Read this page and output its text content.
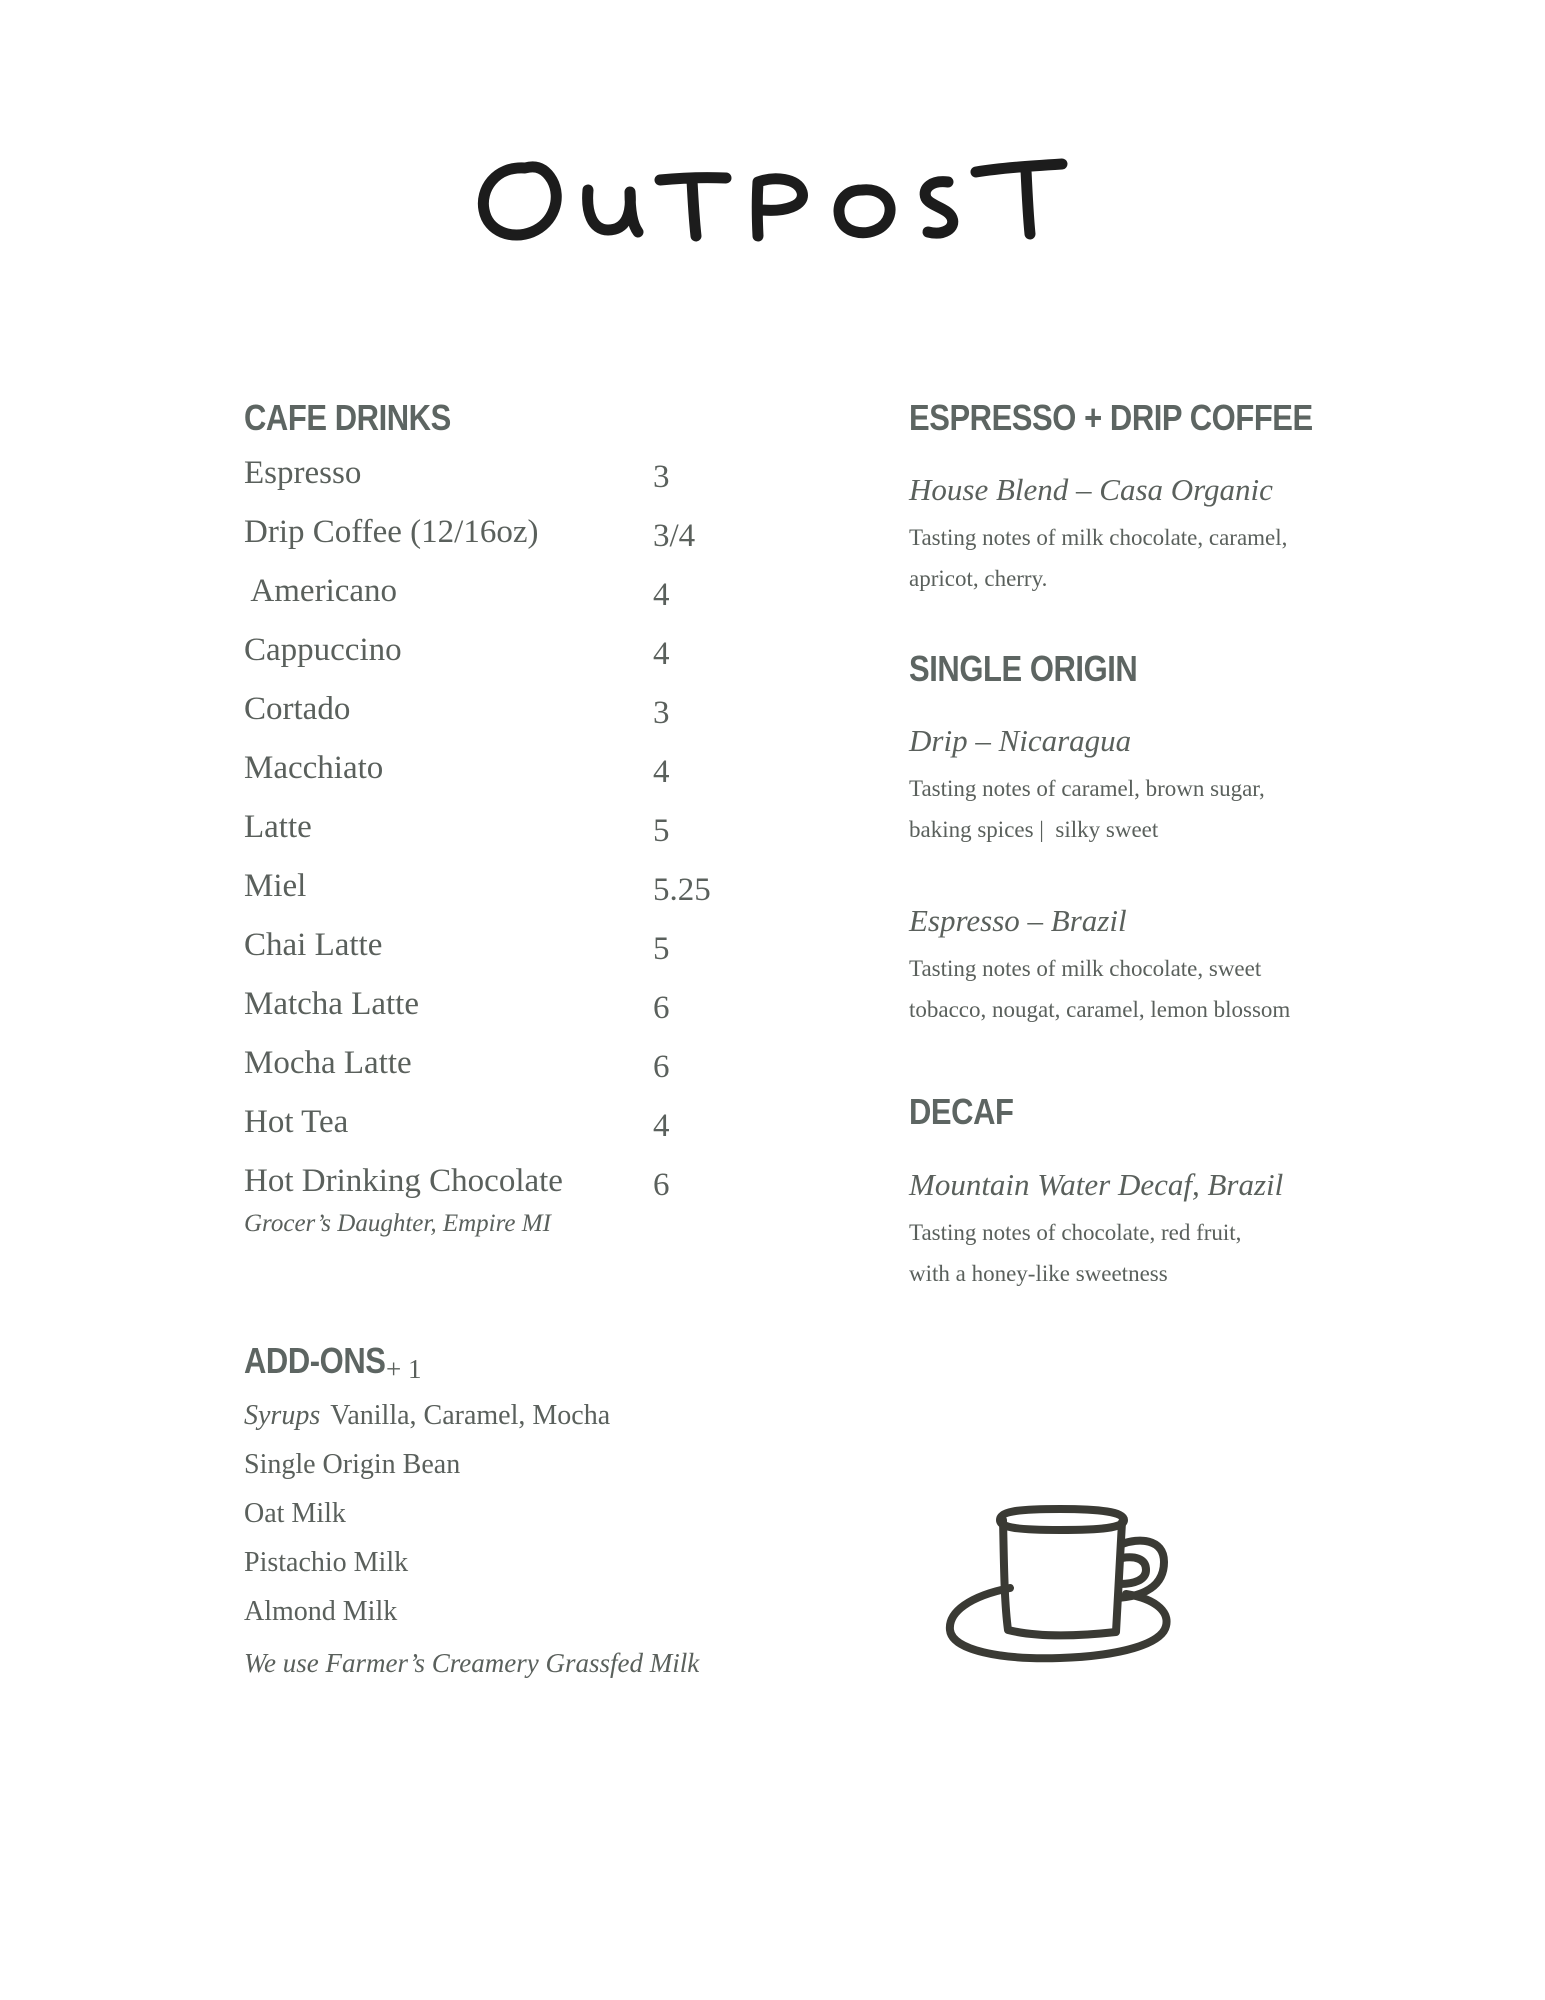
CAFE DRINKS
Espresso	3
Drip Coffee (12/16oz)	3/4
Americano	4
Cappuccino	4
Cortado	3
Macchiato	4
Latte	5
Miel	5.25
Chai Latte	5
Matcha Latte	6
Mocha Latte	6
Hot Tea	4
Hot Drinking Chocolate	6
Grocer’s Daughter, Empire MI
ADD-ONS + 1
Syrups Vanilla, Caramel, Mocha
Single Origin Bean
Oat Milk
Pistachio Milk
Almond Milk
We use Farmer’s Creamery Grassfed Milk
ESPRESSO + DRIP COFFEE
House Blend – Casa Organic
Tasting notes of milk chocolate, caramel,
apricot, cherry.
SINGLE ORIGIN
Drip – Nicaragua
Tasting notes of caramel, brown sugar,
baking spices |  silky sweet
Espresso – Brazil
Tasting notes of milk chocolate, sweet
tobacco, nougat, caramel, lemon blossom
DECAF
Mountain Water Decaf, Brazil
Tasting notes of chocolate, red fruit,
with a honey-like sweetness
